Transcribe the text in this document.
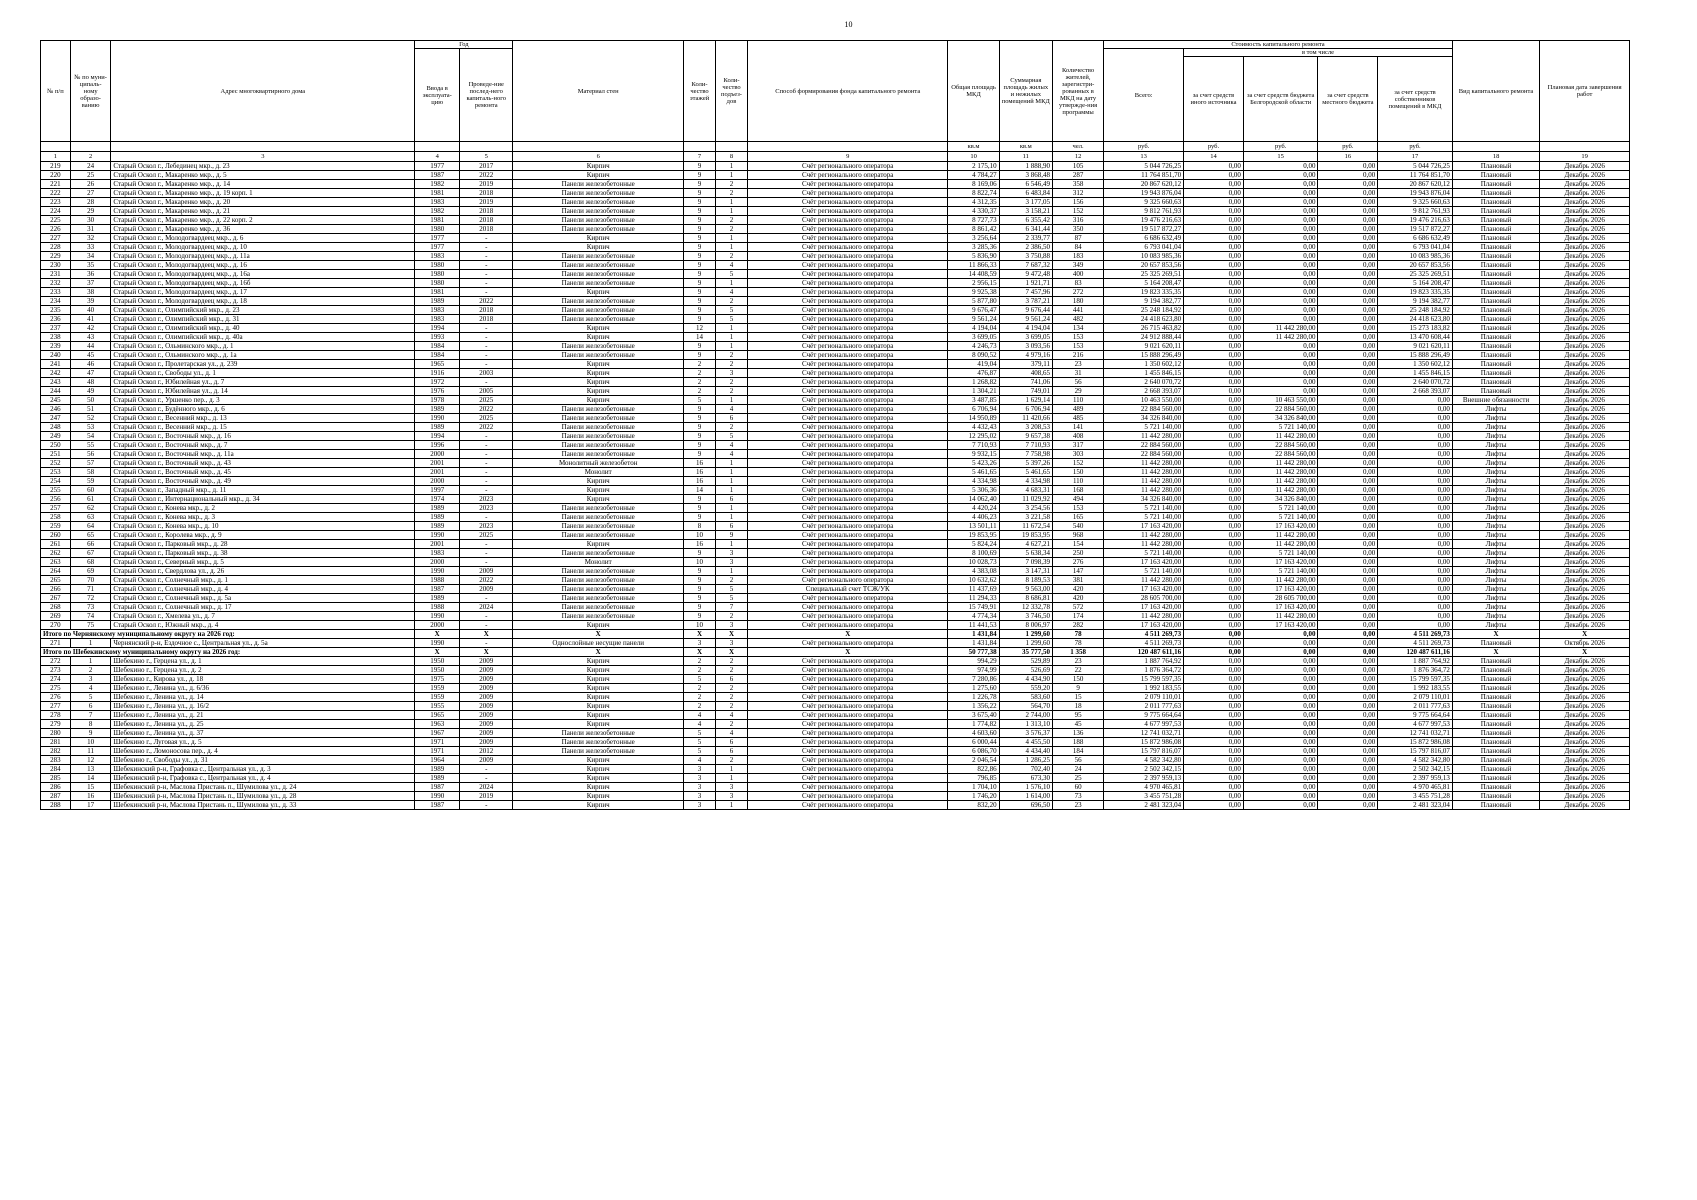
10
№ п/п	№ по муни-ципаль-ному образо-ванию	Адрес многоквартирного дома	Год		Материал стен	Коли-чество этажей	Коли-чество подъез-дов	Способ формирования фонда капитального ремонта	Общая площадь МКД	Суммарная площадь жилых и нежилых помещений МКД	Количество жителей, зарегистри-рованных в МКД на дату утвержде-ния программы	Стоимость капитального ремонта					Вид капитального ремонта	Плановая дата завершения работ
			Ввода в эксплуата-цию	Проведе-ние послед-него капиталь-ного ремонта								Всего:	в том числе					
													за счет средств иного источника	за счет средств бюджета Белгородской области	за счет средств местного бюджета	за счет средств собственников помещений в МКД		
									кв.м	кв.м	чел.	руб.	руб.	руб.	руб.	руб.		
1	2	3	4	5	6	7	8	9	10	11	12	13	14	15	16	17	18	19
219	24	Старый Оскол г., Лебединец мкр., д. 23	1977	2017	Кирпич	9	1	Счёт регионального оператора	2 175,10	1 888,90	105	5 044 726,25	0,00	0,00	0,00	5 044 726,25	Плановый	Декабрь 2026
220	25	Старый Оскол г., Макаренко мкр., д. 5	1987	2022	Кирпич	9	1	Счёт регионального оператора	4 784,27	3 868,48	287	11 764 851,70	0,00	0,00	0,00	11 764 851,70	Плановый	Декабрь 2026
221	26	Старый Оскол г., Макаренко мкр., д. 14	1982	2019	Панели железобетонные	9	2	Счёт регионального оператора	8 169,06	6 546,49	358	20 867 620,12	0,00	0,00	0,00	20 867 620,12	Плановый	Декабрь 2026
222	27	Старый Оскол г., Макаренко мкр., д. 19 корп. 1	1981	2018	Панели железобетонные	9	2	Счёт регионального оператора	8 822,74	6 483,84	312	19 943 876,04	0,00	0,00	0,00	19 943 876,04	Плановый	Декабрь 2026
223	28	Старый Оскол г., Макаренко мкр., д. 20	1983	2019	Панели железобетонные	9	1	Счёт регионального оператора	4 312,35	3 177,05	156	9 325 660,63	0,00	0,00	0,00	9 325 660,63	Плановый	Декабрь 2026
224	29	Старый Оскол г., Макаренко мкр., д. 21	1982	2018	Панели железобетонные	9	1	Счёт регионального оператора	4 330,37	3 158,21	152	9 812 761,93	0,00	0,00	0,00	9 812 761,93	Плановый	Декабрь 2026
225	30	Старый Оскол г., Макаренко мкр., д. 22 корп. 2	1981	2018	Панели железобетонные	9	2	Счёт регионального оператора	8 727,73	6 355,42	316	19 476 216,63	0,00	0,00	0,00	19 476 216,63	Плановый	Декабрь 2026
226	31	Старый Оскол г., Макаренко мкр., д. 36	1980	2018	Панели железобетонные	9	2	Счёт регионального оператора	8 861,42	6 341,44	350	19 517 872,27	0,00	0,00	0,00	19 517 872,27	Плановый	Декабрь 2026
227	32	Старый Оскол г., Молодогвардеец мкр., д. 6	1977	-	Кирпич	9	1	Счёт регионального оператора	3 256,64	2 339,77	87	6 686 632,49	0,00	0,00	0,00	6 686 632,49	Плановый	Декабрь 2026
228	33	Старый Оскол г., Молодогвардеец мкр., д. 10	1977	-	Кирпич	9	1	Счёт регионального оператора	3 285,36	2 386,50	84	6 793 041,04	0,00	0,00	0,00	6 793 041,04	Плановый	Декабрь 2026
229	34	Старый Оскол г., Молодогвардеец мкр., д. 11а	1983	-	Панели железобетонные	9	2	Счёт регионального оператора	5 836,90	3 750,88	183	10 083 985,36	0,00	0,00	0,00	10 083 985,36	Плановый	Декабрь 2026
230	35	Старый Оскол г., Молодогвардеец мкр., д. 16	1980	-	Панели железобетонные	9	4	Счёт регионального оператора	11 866,33	7 687,32	349	20 657 853,56	0,00	0,00	0,00	20 657 853,56	Плановый	Декабрь 2026
231	36	Старый Оскол г., Молодогвардеец мкр., д. 16а	1980	-	Панели железобетонные	9	5	Счёт регионального оператора	14 408,59	9 472,48	400	25 325 269,51	0,00	0,00	0,00	25 325 269,51	Плановый	Декабрь 2026
232	37	Старый Оскол г., Молодогвардеец мкр., д. 16б	1980	-	Панели железобетонные	9	1	Счёт регионального оператора	2 956,15	1 921,71	83	5 164 208,47	0,00	0,00	0,00	5 164 208,47	Плановый	Декабрь 2026
233	38	Старый Оскол г., Молодогвардеец мкр., д. 17	1981	-	Кирпич	9	4	Счёт регионального оператора	9 925,38	7 457,96	272	19 823 335,35	0,00	0,00	0,00	19 823 335,35	Плановый	Декабрь 2026
234	39	Старый Оскол г., Молодогвардеец мкр., д. 18	1989	2022	Панели железобетонные	9	2	Счёт регионального оператора	5 877,80	3 787,21	180	9 194 382,77	0,00	0,00	0,00	9 194 382,77	Плановый	Декабрь 2026
235	40	Старый Оскол г., Олимпийский мкр., д. 23	1983	2018	Панели железобетонные	9	5	Счёт регионального оператора	9 676,47	9 676,44	441	25 248 184,92	0,00	0,00	0,00	25 248 184,92	Плановый	Декабрь 2026
236	41	Старый Оскол г., Олимпийский мкр., д. 31	1983	2018	Панели железобетонные	9	5	Счёт регионального оператора	9 561,24	9 561,24	482	24 418 623,80	0,00	0,00	0,00	24 418 623,80	Плановый	Декабрь 2026
237	42	Старый Оскол г., Олимпийский мкр., д. 40	1994	-	Кирпич	12	1	Счёт регионального оператора	4 194,04	4 194,04	134	26 715 463,82	0,00	11 442 280,00	0,00	15 273 183,82	Плановый	Декабрь 2026
238	43	Старый Оскол г., Олимпийский мкр., д. 40а	1993	-	Кирпич	14	1	Счёт регионального оператора	3 699,05	3 699,05	153	24 912 888,44	0,00	11 442 280,00	0,00	13 470 608,44	Плановый	Декабрь 2026
239	44	Старый Оскол г., Ольминского мкр., д. 1	1984	-	Панели железобетонные	9	1	Счёт регионального оператора	4 246,73	3 093,56	153	9 021 620,11	0,00	0,00	0,00	9 021 620,11	Плановый	Декабрь 2026
240	45	Старый Оскол г., Ольминского мкр., д. 1а	1984	-	Панели железобетонные	9	2	Счёт регионального оператора	8 090,52	4 979,16	216	15 888 296,49	0,00	0,00	0,00	15 888 296,49	Плановый	Декабрь 2026
241	46	Старый Оскол г., Пролетарская ул., д. 239	1965	-	Кирпич	2	2	Счёт регионального оператора	419,04	379,11	23	1 350 602,12	0,00	0,00	0,00	1 350 602,12	Плановый	Декабрь 2026
242	47	Старый Оскол г., Свободы ул., д. 1	1916	2003	Кирпич	2	3	Счёт регионального оператора	476,87	408,65	31	1 455 846,15	0,00	0,00	0,00	1 455 846,15	Плановый	Декабрь 2026
243	48	Старый Оскол г., Юбилейная ул., д. 7	1972	-	Кирпич	2	2	Счёт регионального оператора	1 268,82	741,06	56	2 640 070,72	0,00	0,00	0,00	2 640 070,72	Плановый	Декабрь 2026
244	49	Старый Оскол г., Юбилейная ул., д. 14	1976	2005	Кирпич	2	2	Счёт регионального оператора	1 304,21	749,01	29	2 668 393,07	0,00	0,00	0,00	2 668 393,07	Плановый	Декабрь 2026
245	50	Старый Оскол г., Уршенко пер., д. 3	1978	2025	Кирпич	5	1	Счёт регионального оператора	3 487,85	1 629,14	110	10 463 550,00	0,00	10 463 550,00	0,00	0,00	Внешние обязанности	Декабрь 2026
246	51	Старый Оскол г., Будённого мкр., д. 6	1989	2022	Панели железобетонные	9	4	Счёт регионального оператора	6 706,94	6 706,94	489	22 884 560,00	0,00	22 884 560,00	0,00	0,00	Лифты	Декабрь 2026
247	52	Старый Оскол г., Весенний мкр., д. 13	1990	2025	Панели железобетонные	9	6	Счёт регионального оператора	14 950,89	11 420,66	485	34 326 840,00	0,00	34 326 840,00	0,00	0,00	Лифты	Декабрь 2026
248	53	Старый Оскол г., Весенний мкр., д. 15	1989	2022	Панели железобетонные	9	2	Счёт регионального оператора	4 432,43	3 208,53	141	5 721 140,00	0,00	5 721 140,00	0,00	0,00	Лифты	Декабрь 2026
249	54	Старый Оскол г., Восточный мкр., д. 16	1994	-	Панели железобетонные	9	5	Счёт регионального оператора	12 295,02	9 657,38	408	11 442 280,00	0,00	11 442 280,00	0,00	0,00	Лифты	Декабрь 2026
250	55	Старый Оскол г., Восточный мкр., д. 7	1996	-	Панели железобетонные	9	4	Счёт регионального оператора	7 710,93	7 710,93	317	22 884 560,00	0,00	22 884 560,00	0,00	0,00	Лифты	Декабрь 2026
251	56	Старый Оскол г., Восточный мкр., д. 11а	2000	-	Панели железобетонные	9	4	Счёт регионального оператора	9 932,15	7 758,98	303	22 884 560,00	0,00	22 884 560,00	0,00	0,00	Лифты	Декабрь 2026
252	57	Старый Оскол г., Восточный мкр., д. 43	2001	-	Монолитный железобетон	16	1	Счёт регионального оператора	5 423,26	5 397,26	152	11 442 280,00	0,00	11 442 280,00	0,00	0,00	Лифты	Декабрь 2026
253	58	Старый Оскол г., Восточный мкр., д. 45	2001	-	Монолит	16	1	Счёт регионального оператора	5 461,65	5 461,65	150	11 442 280,00	0,00	11 442 280,00	0,00	0,00	Лифты	Декабрь 2026
254	59	Старый Оскол г., Восточный мкр., д. 49	2000	-	Кирпич	16	1	Счёт регионального оператора	4 334,98	4 334,98	110	11 442 280,00	0,00	11 442 280,00	0,00	0,00	Лифты	Декабрь 2026
255	60	Старый Оскол г., Западный мкр., д. 11	1997	-	Кирпич	14	1	Счёт регионального оператора	5 306,36	4 683,31	168	11 442 280,00	0,00	11 442 280,00	0,00	0,00	Лифты	Декабрь 2026
256	61	Старый Оскол г., Интернациональный мкр., д. 34	1974	2023	Кирпич	9	6	Счёт регионального оператора	14 062,40	11 029,92	494	34 326 840,00	0,00	34 326 840,00	0,00	0,00	Лифты	Декабрь 2026
257	62	Старый Оскол г., Конева мкр., д. 2	1989	2023	Панели железобетонные	9	1	Счёт регионального оператора	4 420,24	3 254,56	153	5 721 140,00	0,00	5 721 140,00	0,00	0,00	Лифты	Декабрь 2026
258	63	Старый Оскол г., Конева мкр., д. 3	1989	-	Панели железобетонные	9	1	Счёт регионального оператора	4 406,23	3 221,58	165	5 721 140,00	0,00	5 721 140,00	0,00	0,00	Лифты	Декабрь 2026
259	64	Старый Оскол г., Конева мкр., д. 10	1989	2023	Панели железобетонные	8	6	Счёт регионального оператора	13 501,11	11 672,54	540	17 163 420,00	0,00	17 163 420,00	0,00	0,00	Лифты	Декабрь 2026
260	65	Старый Оскол г., Королева мкр., д. 9	1990	2025	Панели железобетонные	10	9	Счёт регионального оператора	19 853,95	19 853,95	968	11 442 280,00	0,00	11 442 280,00	0,00	0,00	Лифты	Декабрь 2026
261	66	Старый Оскол г., Парковый мкр., д. 28	2001	-	Кирпич	16	1	Счёт регионального оператора	5 824,24	4 627,21	154	11 442 280,00	0,00	11 442 280,00	0,00	0,00	Лифты	Декабрь 2026
262	67	Старый Оскол г., Парковый мкр., д. 38	1983	-	Панели железобетонные	9	3	Счёт регионального оператора	8 100,69	5 638,34	250	5 721 140,00	0,00	5 721 140,00	0,00	0,00	Лифты	Декабрь 2026
263	68	Старый Оскол г., Северный мкр., д. 5	2000	-	Монолит	10	3	Счёт регионального оператора	10 028,73	7 098,39	276	17 163 420,00	0,00	17 163 420,00	0,00	0,00	Лифты	Декабрь 2026
264	69	Старый Оскол г., Свердлова ул., д. 26	1990	2009	Панели железобетонные	9	1	Счёт регионального оператора	4 383,08	3 147,31	147	5 721 140,00	0,00	5 721 140,00	0,00	0,00	Лифты	Декабрь 2026
265	70	Старый Оскол г., Солнечный мкр., д. 1	1988	2022	Панели железобетонные	9	2	Счёт регионального оператора	10 632,62	8 189,53	381	11 442 280,00	0,00	11 442 280,00	0,00	0,00	Лифты	Декабрь 2026
266	71	Старый Оскол г., Солнечный мкр., д. 4	1987	2009	Панели железобетонные	9	5	Специальный счет ТСЖ/УК	11 437,69	9 563,00	420	17 163 420,00	0,00	17 163 420,00	0,00	0,00	Лифты	Декабрь 2026
267	72	Старый Оскол г., Солнечный мкр., д. 5а	1989	-	Панели железобетонные	9	5	Счёт регионального оператора	11 294,33	8 686,81	420	28 605 700,00	0,00	28 605 700,00	0,00	0,00	Лифты	Декабрь 2026
268	73	Старый Оскол г., Солнечный мкр., д. 17	1988	2024	Панели железобетонные	9	7	Счёт регионального оператора	15 749,91	12 332,78	572	17 163 420,00	0,00	17 163 420,00	0,00	0,00	Лифты	Декабрь 2026
269	74	Старый Оскол г., Хмелева ул., д. 7	1990	-	Панели железобетонные	9	2	Счёт регионального оператора	4 774,34	3 746,50	174	11 442 280,00	0,00	11 442 280,00	0,00	0,00	Лифты	Декабрь 2026
270	75	Старый Оскол г., Южный мкр., д. 4	2000	-	Кирпич	10	3	Счёт регионального оператора	11 441,53	8 006,97	282	17 163 420,00	0,00	17 163 420,00	0,00	0,00	Лифты	Декабрь 2026
Итого по Чернянскому муниципальному округу на 2026 год:			X	X	X	X	X	X	1 431,84	1 299,60	78	4 511 269,73	0,00	0,00	0,00	4 511 269,73	X	X
271	1	Чернянский р-н, Ездочное с., Центральная ул., д. 5а	1990	-	Однослойные несущие панели	3	3	Счёт регионального оператора	1 431,84	1 299,60	78	4 511 269,73	0,00	0,00	0,00	4 511 269,73	Плановый	Октябрь 2026
Итого по Шебекинскому муниципальному округу на 2026 год:			X	X	X	X	X	X	50 777,38	35 777,50	1 358	120 487 611,16	0,00	0,00	0,00	120 487 611,16	X	X
272	1	Шебекино г., Герцена ул., д. 1	1950	2009	Кирпич	2	2	Счёт регионального оператора	994,29	529,89	23	1 887 764,92	0,00	0,00	0,00	1 887 764,92	Плановый	Декабрь 2026
273	2	Шебекино г., Герцена ул., д. 2	1950	2009	Кирпич	2	2	Счёт регионального оператора	974,99	526,69	22	1 876 364,72	0,00	0,00	0,00	1 876 364,72	Плановый	Декабрь 2026
274	3	Шебекино г., Кирова ул., д. 18	1975	2009	Кирпич	5	6	Счёт регионального оператора	7 280,86	4 434,90	150	15 799 597,35	0,00	0,00	0,00	15 799 597,35	Плановый	Декабрь 2026
275	4	Шебекино г., Ленина ул., д. 6/36	1959	2009	Кирпич	2	2	Счёт регионального оператора	1 275,60	559,20	9	1 992 183,55	0,00	0,00	0,00	1 992 183,55	Плановый	Декабрь 2026
276	5	Шебекино г., Ленина ул., д. 14	1959	2009	Кирпич	2	2	Счёт регионального оператора	1 226,78	583,60	15	2 079 110,01	0,00	0,00	0,00	2 079 110,01	Плановый	Декабрь 2026
277	6	Шебекино г., Ленина ул., д. 16/2	1955	2009	Кирпич	2	2	Счёт регионального оператора	1 356,22	564,70	18	2 011 777,63	0,00	0,00	0,00	2 011 777,63	Плановый	Декабрь 2026
278	7	Шебекино г., Ленина ул., д. 21	1965	2009	Кирпич	4	4	Счёт регионального оператора	3 675,40	2 744,00	95	9 775 664,64	0,00	0,00	0,00	9 775 664,64	Плановый	Декабрь 2026
279	8	Шебекино г., Ленина ул., д. 25	1963	2009	Кирпич	4	2	Счёт регионального оператора	1 774,82	1 313,10	45	4 677 997,53	0,00	0,00	0,00	4 677 997,53	Плановый	Декабрь 2026
280	9	Шебекино г., Ленина ул., д. 37	1967	2009	Панели железобетонные	5	4	Счёт регионального оператора	4 603,60	3 576,37	136	12 741 032,71	0,00	0,00	0,00	12 741 032,71	Плановый	Декабрь 2026
281	10	Шебекино г., Луговая ул., д. 5	1971	2009	Панели железобетонные	5	6	Счёт регионального оператора	6 000,44	4 455,50	188	15 872 986,08	0,00	0,00	0,00	15 872 986,08	Плановый	Декабрь 2026
282	11	Шебекино г., Ломоносова пер., д. 4	1971	2012	Панели железобетонные	5	6	Счёт регионального оператора	6 086,70	4 434,40	184	15 797 816,07	0,00	0,00	0,00	15 797 816,07	Плановый	Декабрь 2026
283	12	Шебекино г., Свободы ул., д. 31	1964	2009	Кирпич	4	2	Счёт регионального оператора	2 046,54	1 286,25	56	4 582 342,80	0,00	0,00	0,00	4 582 342,80	Плановый	Декабрь 2026
284	13	Шебекинский р-н, Графовка с., Центральная ул., д. 3	1989	-	Кирпич	3	1	Счёт регионального оператора	822,86	702,40	24	2 502 342,15	0,00	0,00	0,00	2 502 342,15	Плановый	Декабрь 2026
285	14	Шебекинский р-н, Графовка с., Центральная ул., д. 4	1989	-	Кирпич	3	1	Счёт регионального оператора	796,85	673,30	25	2 397 959,13	0,00	0,00	0,00	2 397 959,13	Плановый	Декабрь 2026
286	15	Шебекинский р-н, Маслова Пристань п., Шумилова ул., д. 24	1987	2024	Кирпич	3	3	Счёт регионального оператора	1 704,10	1 576,10	60	4 970 465,81	0,00	0,00	0,00	4 970 465,81	Плановый	Декабрь 2026
287	16	Шебекинский р-н, Маслова Пристань п., Шумилова ул., д. 28	1990	2019	Кирпич	3	3	Счёт регионального оператора	1 746,20	1 614,00	73	3 455 751,28	0,00	0,00	0,00	3 455 751,28	Плановый	Декабрь 2026
288	17	Шебекинский р-н, Маслова Пристань п., Шумилова ул., д. 33	1987	-	Кирпич	3	1	Счёт регионального оператора	832,20	696,50	23	2 481 323,04	0,00	0,00	0,00	2 481 323,04	Плановый	Декабрь 2026
